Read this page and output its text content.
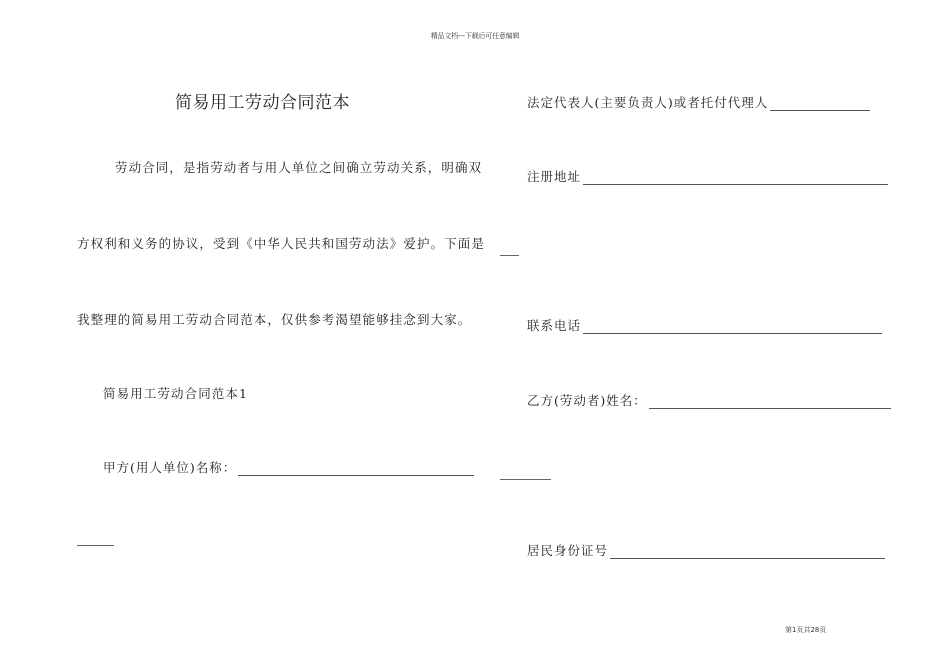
精品文档---下载后可任意编辑
简易用工劳动合同范本
劳动合同，是指劳动者与用人单位之间确立劳动关系，明确双
方权利和义务的协议，受到《中华人民共和国劳动法》爱护。下面是
我整理的简易用工劳动合同范本，仅供参考渴望能够挂念到大家。
简易用工劳动合同范本1
甲方(用人单位)名称：
法定代表人(主要负责人)或者托付代理人
注册地址
联系电话
乙方(劳动者)姓名：
居民身份证号
第1页共28页
